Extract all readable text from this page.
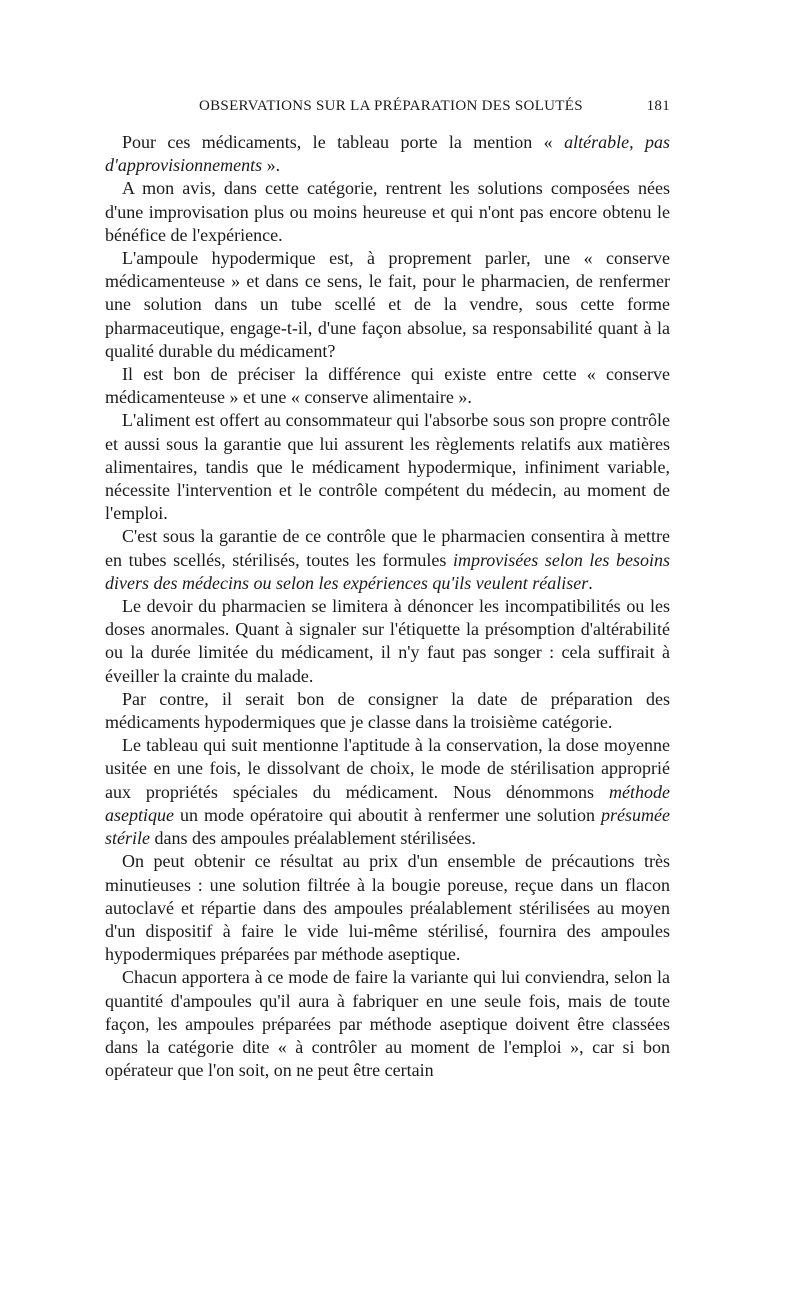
OBSERVATIONS SUR LA PRÉPARATION DES SOLUTÉS	181

Pour ces médicaments, le tableau porte la mention « altérable, pas d'approvisionnements ».

A mon avis, dans cette catégorie, rentrent les solutions composées nées d'une improvisation plus ou moins heureuse et qui n'ont pas encore obtenu le bénéfice de l'expérience.

L'ampoule hypodermique est, à proprement parler, une « conserve médicamenteuse » et dans ce sens, le fait, pour le pharmacien, de renfermer une solution dans un tube scellé et de la vendre, sous cette forme pharmaceutique, engage-t-il, d'une façon absolue, sa responsabilité quant à la qualité durable du médicament?

Il est bon de préciser la différence qui existe entre cette « conserve médicamenteuse » et une « conserve alimentaire ».

L'aliment est offert au consommateur qui l'absorbe sous son propre contrôle et aussi sous la garantie que lui assurent les règlements relatifs aux matières alimentaires, tandis que le médicament hypodermique, infiniment variable, nécessite l'intervention et le contrôle compétent du médecin, au moment de l'emploi.

C'est sous la garantie de ce contrôle que le pharmacien consentira à mettre en tubes scellés, stérilisés, toutes les formules improvisées selon les besoins divers des médecins ou selon les expériences qu'ils veulent réaliser.

Le devoir du pharmacien se limitera à dénoncer les incompatibilités ou les doses anormales. Quant à signaler sur l'étiquette la présomption d'altérabilité ou la durée limitée du médicament, il n'y faut pas songer : cela suffirait à éveiller la crainte du malade.

Par contre, il serait bon de consigner la date de préparation des médicaments hypodermiques que je classe dans la troisième catégorie.

Le tableau qui suit mentionne l'aptitude à la conservation, la dose moyenne usitée en une fois, le dissolvant de choix, le mode de stérilisation approprié aux propriétés spéciales du médicament. Nous dénommons méthode aseptique un mode opératoire qui aboutit à renfermer une solution présumée stérile dans des ampoules préalablement stérilisées.

On peut obtenir ce résultat au prix d'un ensemble de précautions très minutieuses : une solution filtrée à la bougie poreuse, reçue dans un flacon autoclavé et répartie dans des ampoules préalablement stérilisées au moyen d'un dispositif à faire le vide lui-même stérilisé, fournira des ampoules hypodermiques préparées par méthode aseptique.

Chacun apportera à ce mode de faire la variante qui lui conviendra, selon la quantité d'ampoules qu'il aura à fabriquer en une seule fois, mais de toute façon, les ampoules préparées par méthode aseptique doivent être classées dans la catégorie dite « à contrôler au moment de l'emploi », car si bon opérateur que l'on soit, on ne peut être certain
